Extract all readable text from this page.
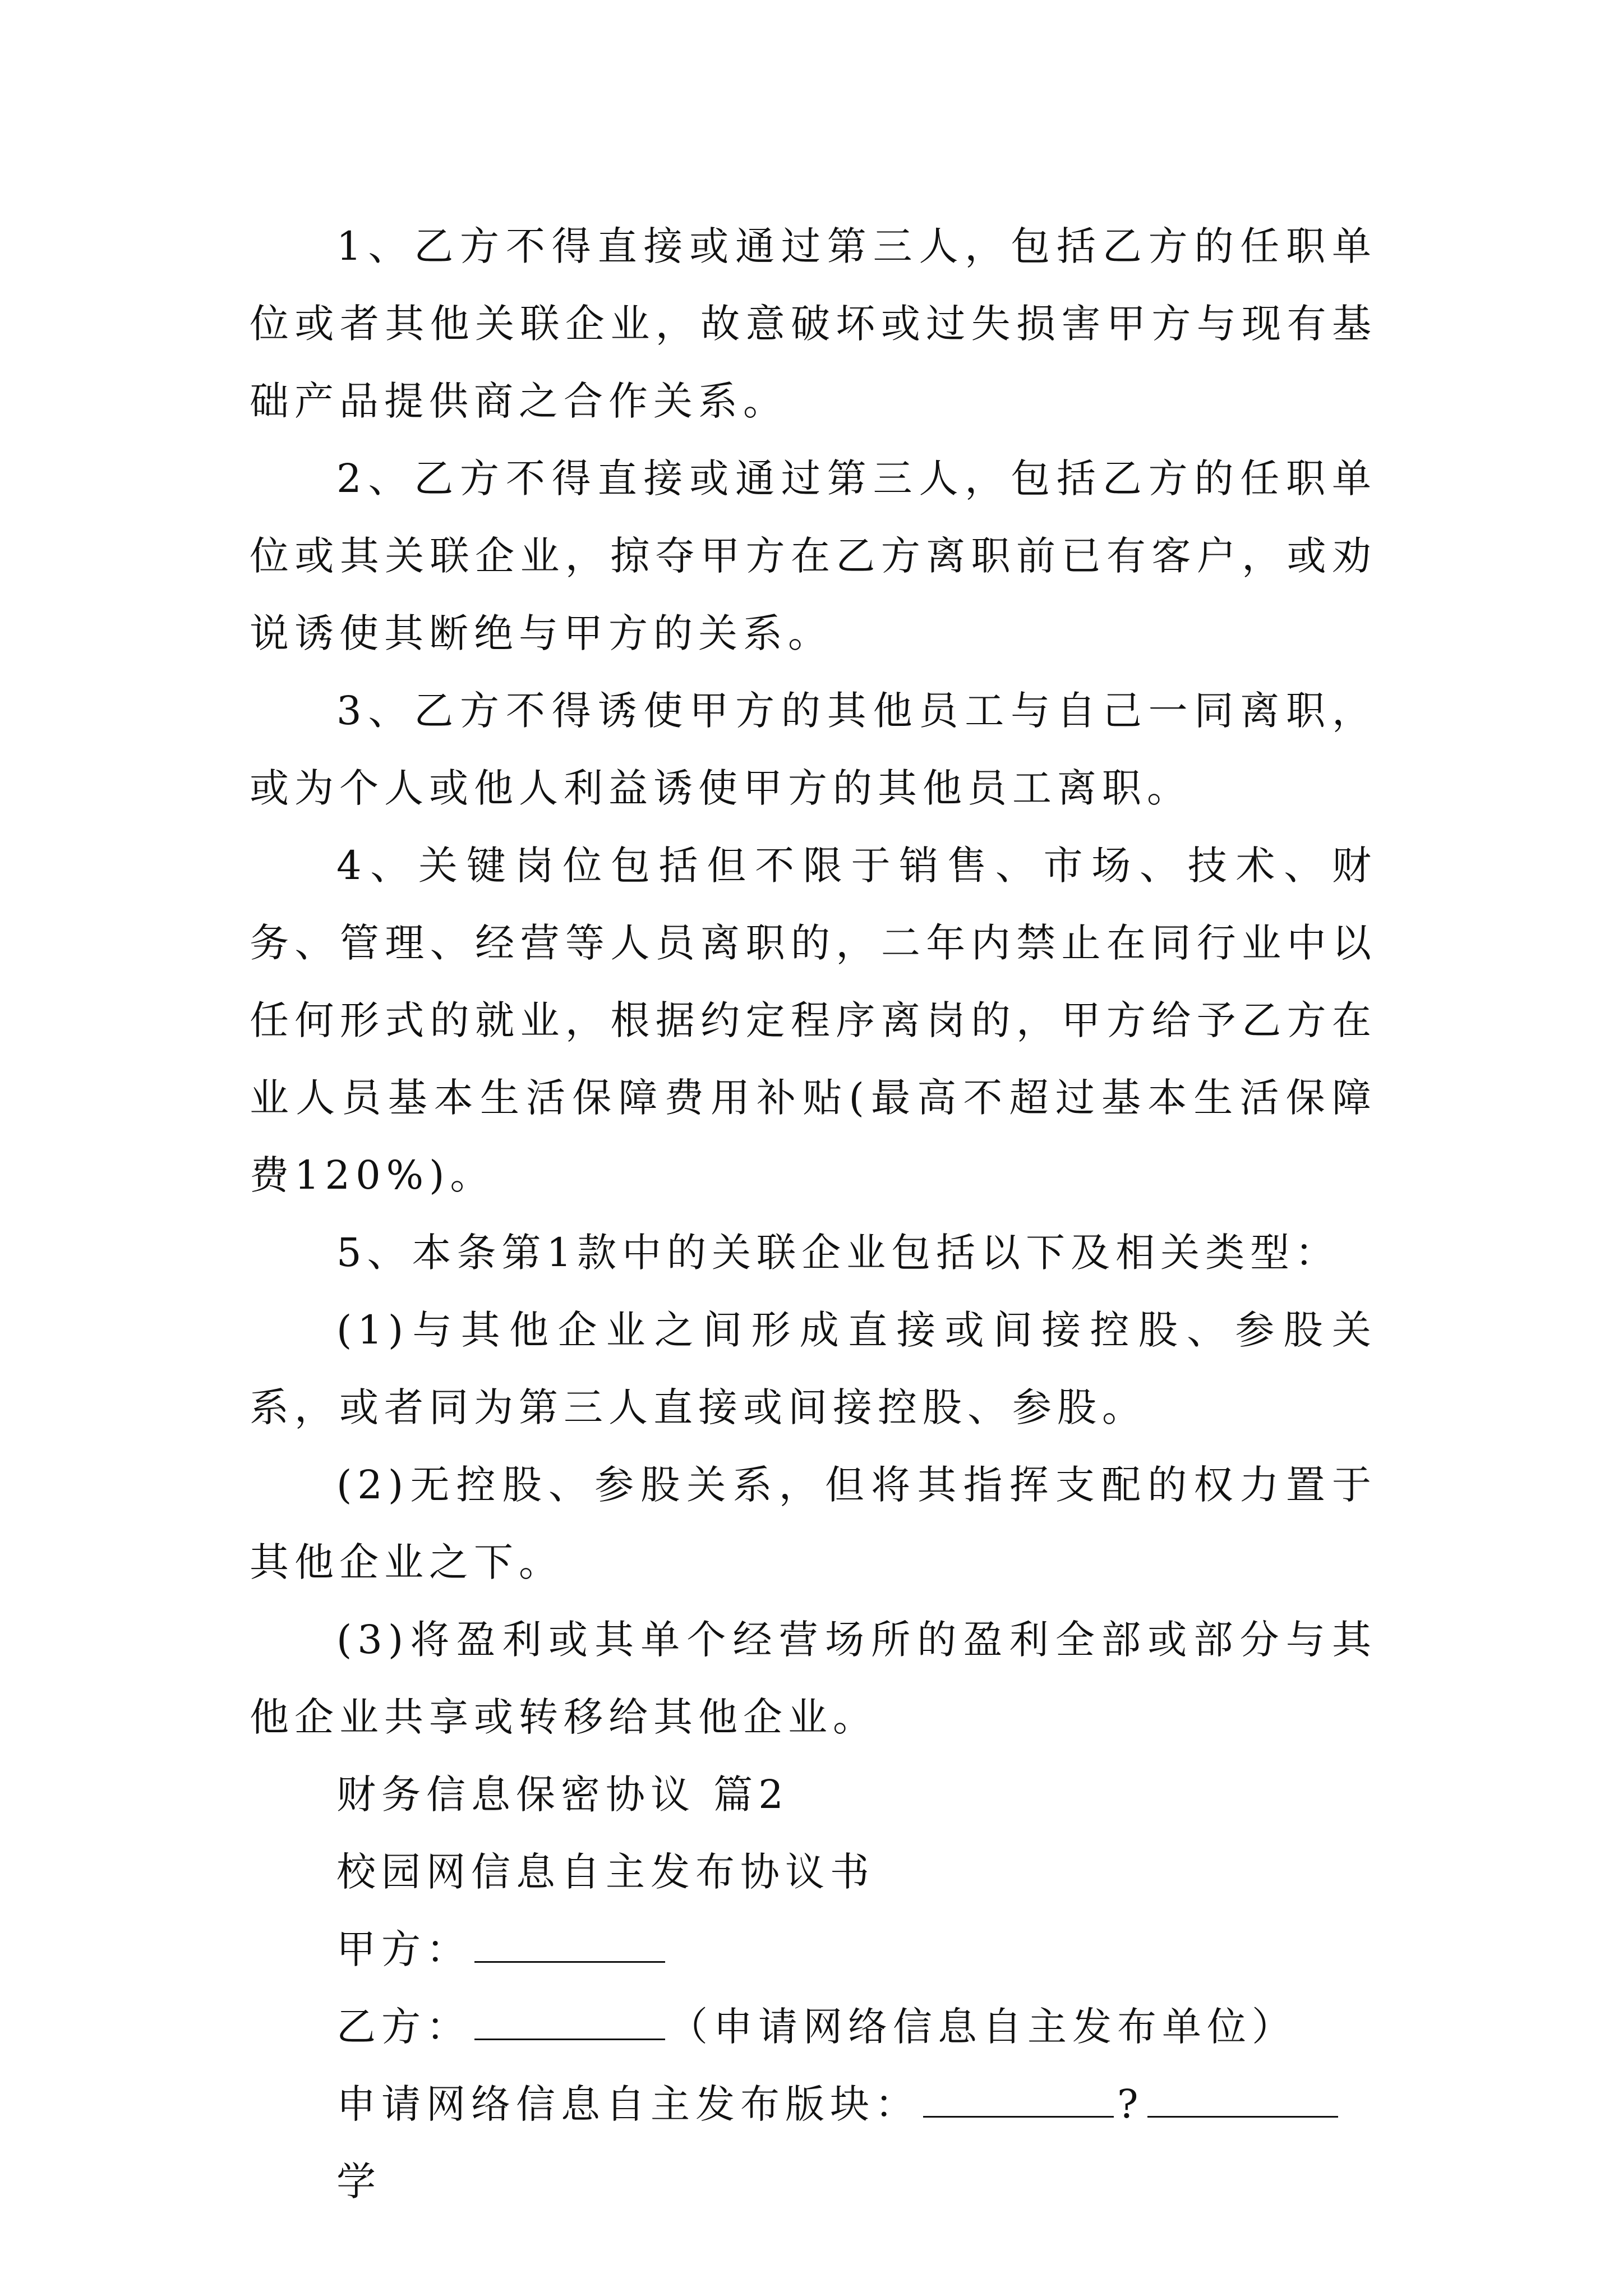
1、乙方不得直接或通过第三人，包括乙方的任职单位或者其他关联企业，故意破坏或过失损害甲方与现有基础产品提供商之合作关系。

2、乙方不得直接或通过第三人，包括乙方的任职单位或其关联企业，掠夺甲方在乙方离职前已有客户，或劝说诱使其断绝与甲方的关系。

3、乙方不得诱使甲方的其他员工与自己一同离职，或为个人或他人利益诱使甲方的其他员工离职。

4、关键岗位包括但不限于销售、市场、技术、财务、管理、经营等人员离职的，二年内禁止在同行业中以任何形式的就业，根据约定程序离岗的，甲方给予乙方在业人员基本生活保障费用补贴(最高不超过基本生活保障费120%)。

5、本条第1款中的关联企业包括以下及相关类型：

(1)与其他企业之间形成直接或间接控股、参股关系，或者同为第三人直接或间接控股、参股。

(2)无控股、参股关系，但将其指挥支配的权力置于其他企业之下。

(3)将盈利或其单个经营场所的盈利全部或部分与其他企业共享或转移给其他企业。

财务信息保密协议 篇2

校园网信息自主发布协议书

甲方：

乙方：	（申请网络信息自主发布单位）

申请网络信息自主发布版块：	?学
